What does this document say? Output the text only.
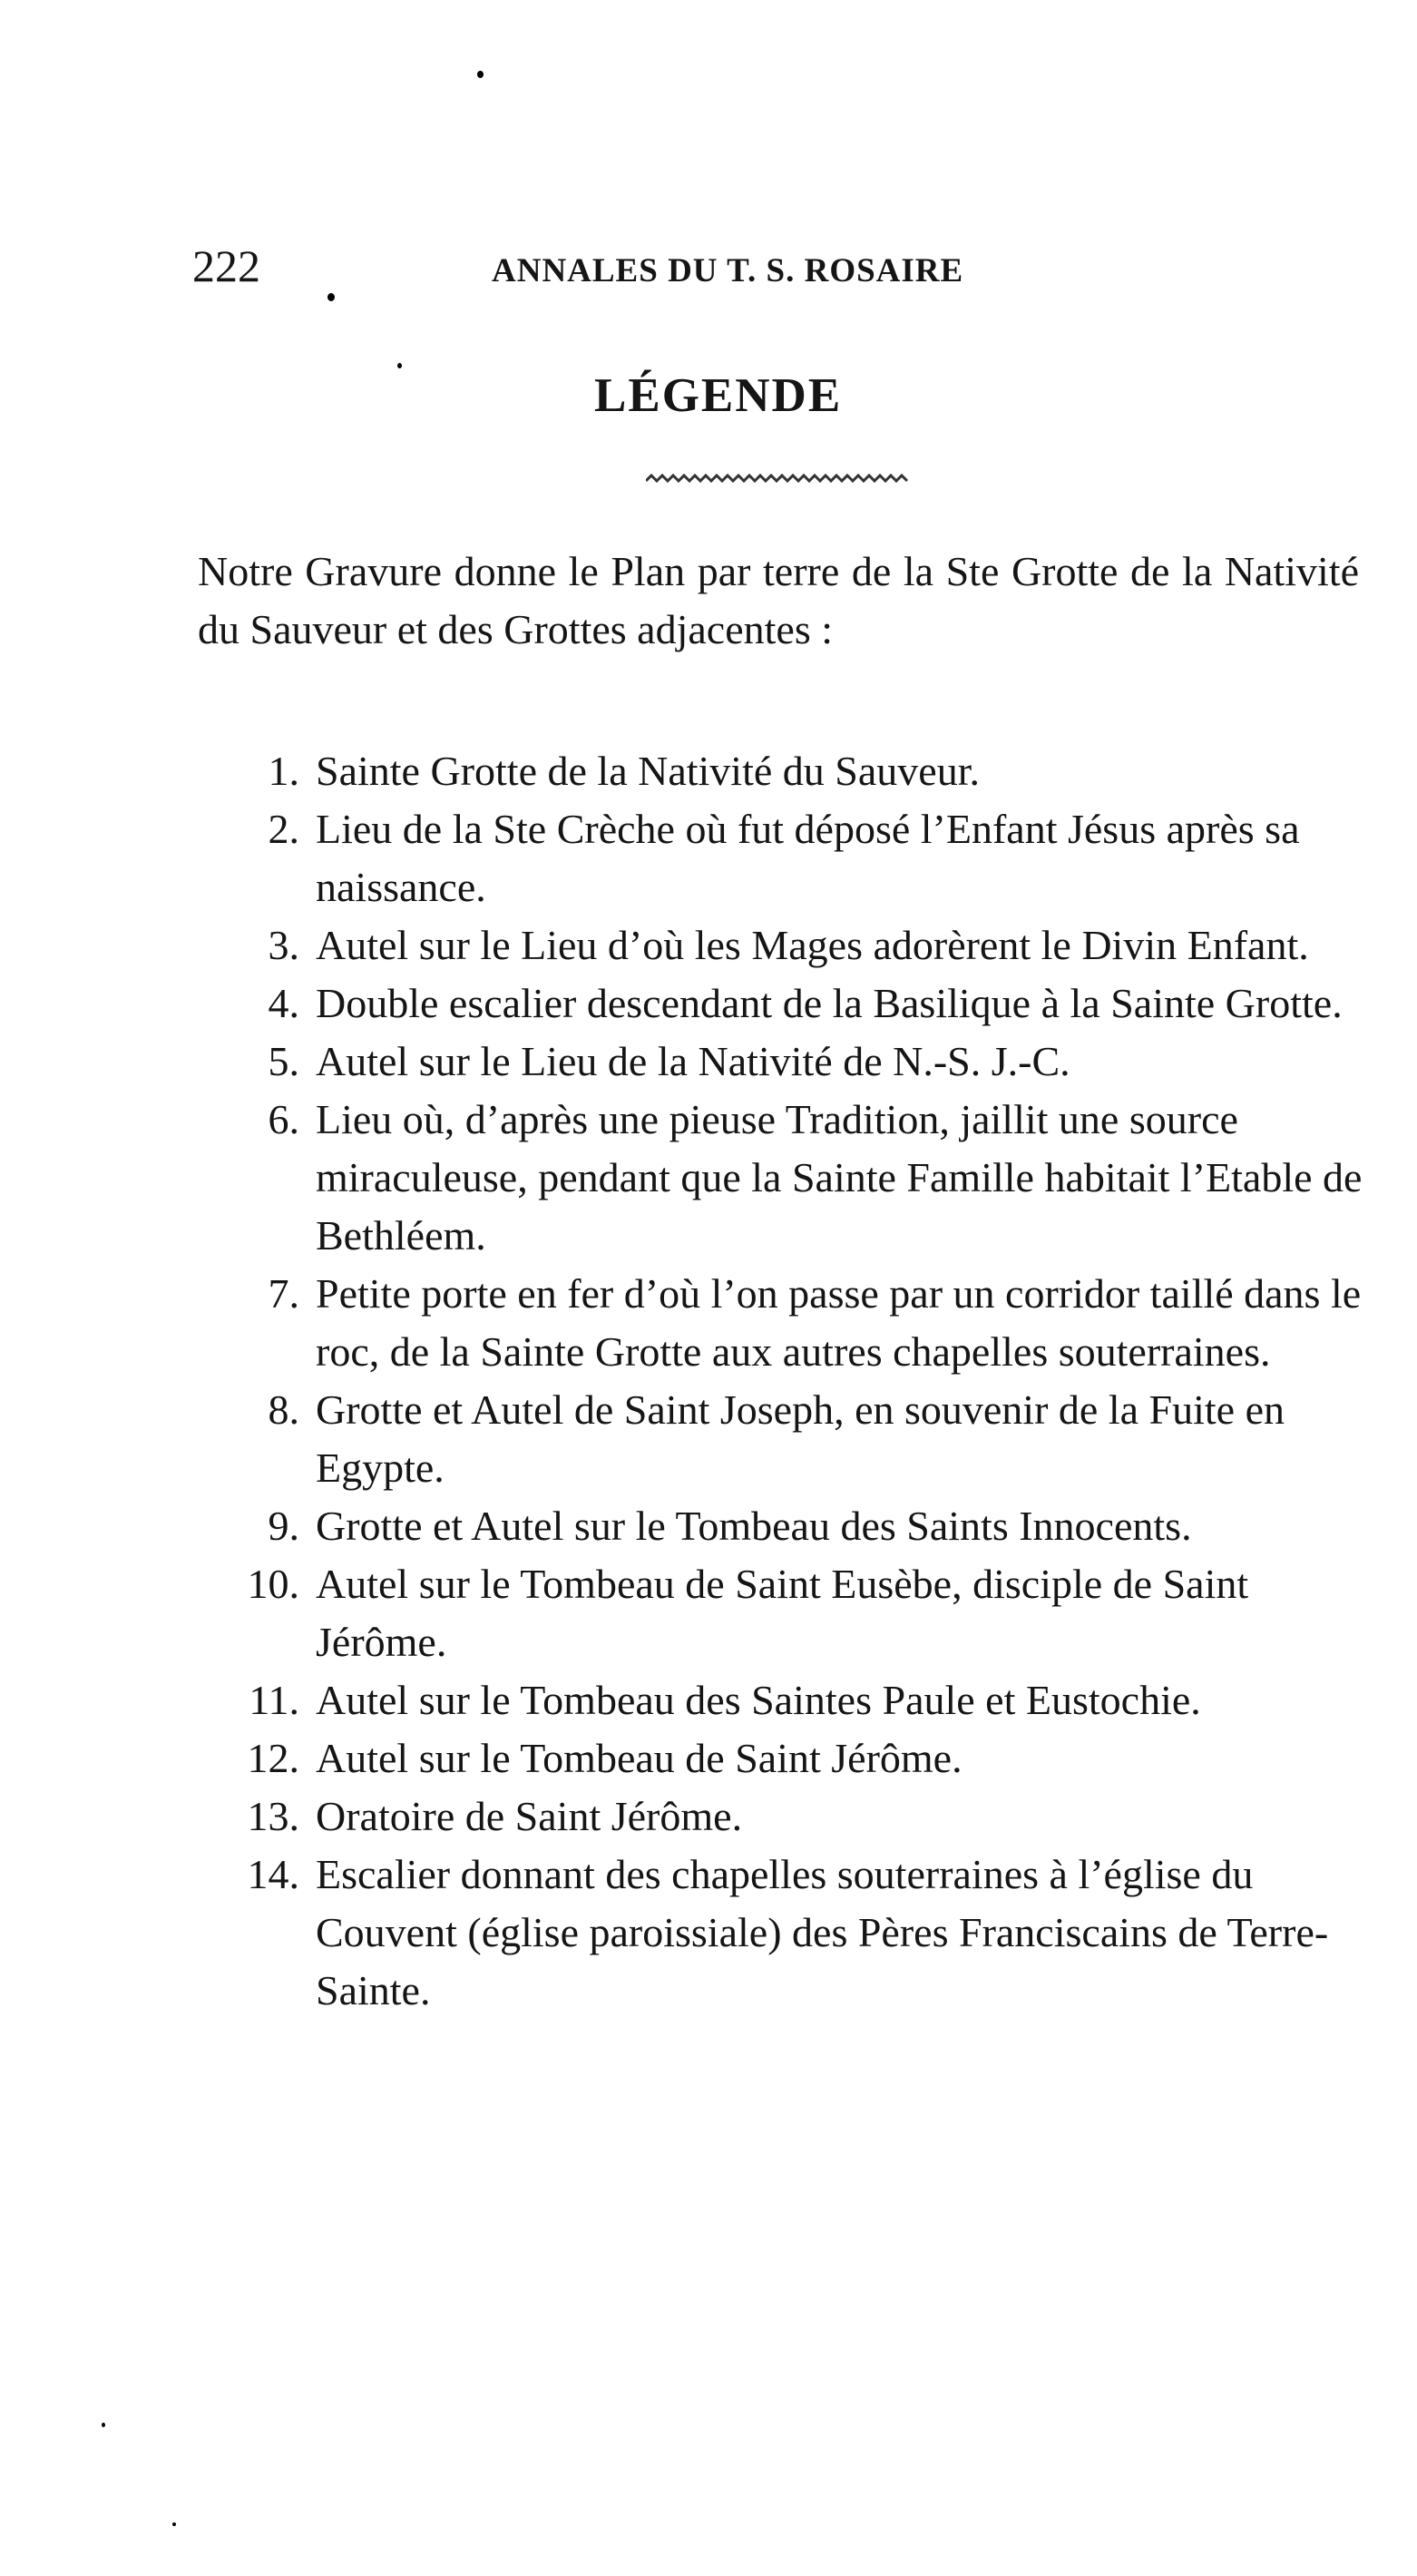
222	ANNALES DU T. S. ROSAIRE
LÉGENDE

Notre Gravure donne le Plan par terre de la Ste Grotte de la Nativité du Sauveur et des Grottes adjacentes :

1. Sainte Grotte de la Nativité du Sauveur.
2. Lieu de la Ste Crèche où fut déposé l’Enfant Jésus après sa naissance.
3. Autel sur le Lieu d’où les Mages adorèrent le Divin Enfant.
4. Double escalier descendant de la Basilique à la Sainte Grotte.
5. Autel sur le Lieu de la Nativité de N.-S. J.-C.
6. Lieu où, d’après une pieuse Tradition, jaillit une source miraculeuse, pendant que la Sainte Famille habitait l’Etable de Bethléem.
7. Petite porte en fer d’où l’on passe par un corridor taillé dans le roc, de la Sainte Grotte aux autres chapelles souterraines.
8. Grotte et Autel de Saint Joseph, en souvenir de la Fuite en Egypte.
9. Grotte et Autel sur le Tombeau des Saints Innocents.
10. Autel sur le Tombeau de Saint Eusèbe, disciple de Saint Jérôme.
11. Autel sur le Tombeau des Saintes Paule et Eustochie.
12. Autel sur le Tombeau de Saint Jérôme.
13. Oratoire de Saint Jérôme.
14. Escalier donnant des chapelles souterraines à l’église du Couvent (église paroissiale) des Pères Franciscains de Terre-Sainte.
